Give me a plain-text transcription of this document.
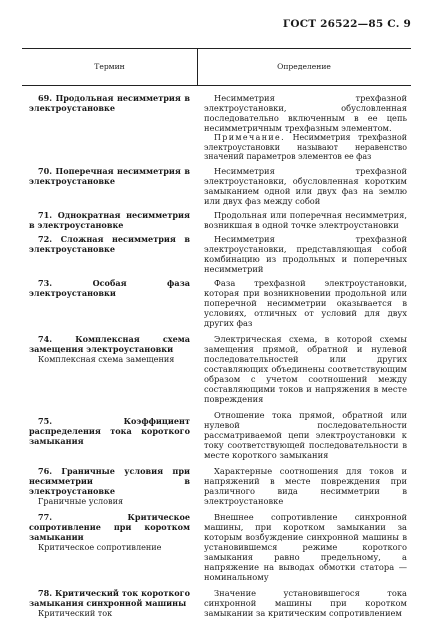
ГОСТ 26522—85 С. 9
Термин	Определение
69. Продольная несимметрия в электроустановке

Несимметрия трехфазной электроустановки, обусловленная последовательно включенным в ее цепь несимметричным трехфазным элементом.

Примечание. Несимметрия трехфазной электроустановки называют неравенство значений параметров элементов ее фаз

70. Поперечная несимметрия в электроустановке

Несимметрия трехфазной электроустановки, обусловленная коротким замыканием одной или двух фаз на землю или двух фаз между собой

71. Однократная несимметрия в электроустановке

Продольная или поперечная несимметрия, возникшая в одной точке электроустановки

72. Сложная несимметрия в электроустановке

Несимметрия трехфазной электроустановки, представляющая собой комбинацию из продольных и поперечных несимметрий

73. Особая фаза электроустановки

Фаза трехфазной электроустановки, которая при возникновении продольной или поперечной несимметрии оказывается в условиях, отличных от условий для двух других фаз

74. Комплексная схема замещения электроустановки
Комплексная схема замещения

Электрическая схема, в которой схемы замещения прямой, обратной и нулевой последовательностей или других составляющих объединены соответствующим образом с учетом соотношений между составляющими токов и напряжения в месте повреждения

75. Коэффициент распределения тока короткого замыкания

Отношение тока прямой, обратной или нулевой последовательности рассматриваемой цепи электроустановки к току соответствующей последовательности в месте короткого замыкания

76. Граничные условия при несимметрии в электроустановке
Граничные условия

Характерные соотношения для токов и напряжений в месте повреждения при различного вида несимметрии в электроустановке

77. Критическое сопротивление при коротком замыкании
Критическое сопротивление

Внешнее сопротивление синхронной машины, при коротком замыкании за которым возбуждение синхронной машины в установившемся режиме короткого замыкания равно предельному, а напряжение на выводах обмотки статора — номинальному

78. Критический ток короткого замыкания синхронной машины
Критический ток

Значение установившегося тока синхронной машины при коротком замыкании за критическим сопротивлением
